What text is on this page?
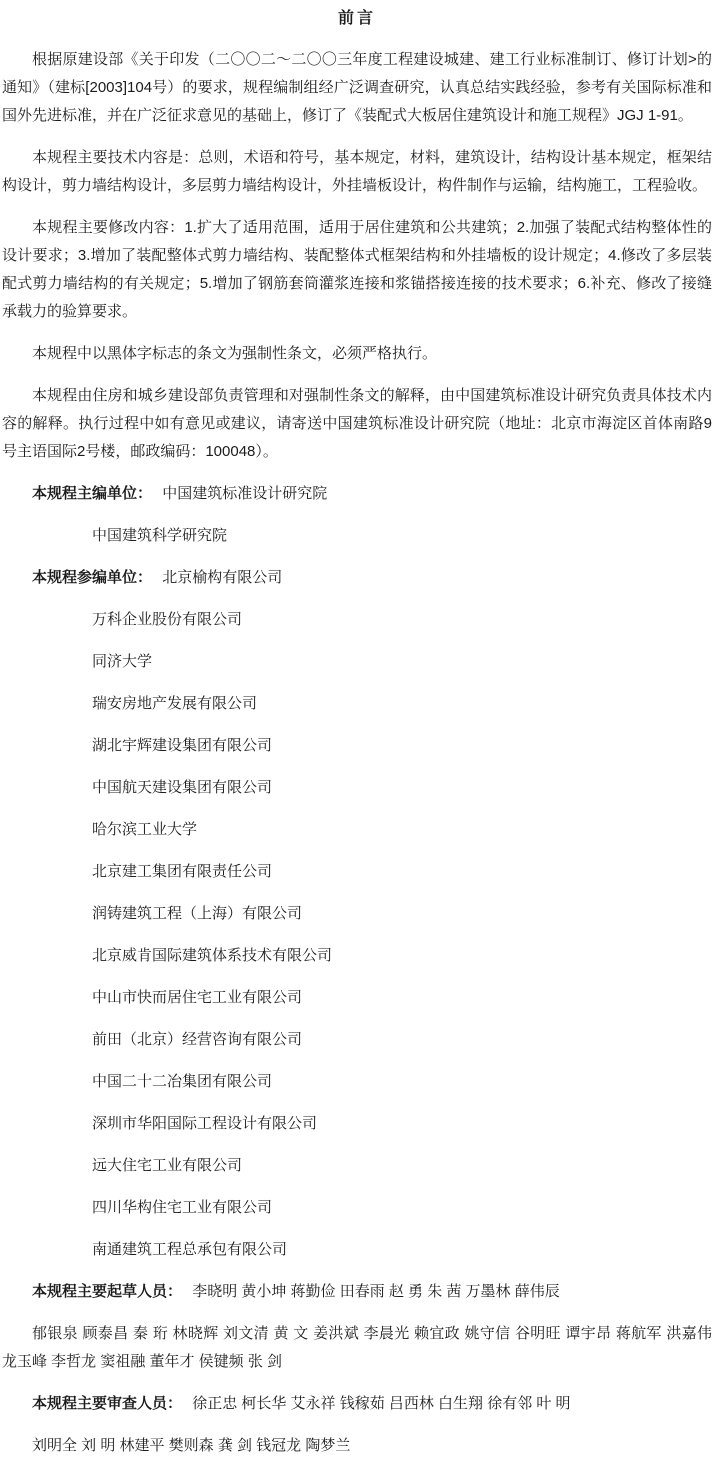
前言

根据原建设部《关于印发（二〇〇二～二〇〇三年度工程建设城建、建工行业标准制订、修订计划>的通知》（建标[2003]104号）的要求，规程编制组经广泛调查研究，认真总结实践经验，参考有关国际标准和国外先进标准，并在广泛征求意见的基础上，修订了《装配式大板居住建筑设计和施工规程》JGJ 1-91。

本规程主要技术内容是：总则，术语和符号，基本规定，材料，建筑设计，结构设计基本规定，框架结构设计，剪力墙结构设计，多层剪力墙结构设计，外挂墙板设计，构件制作与运输，结构施工，工程验收。

本规程主要修改内容：1.扩大了适用范围，适用于居住建筑和公共建筑；2.加强了装配式结构整体性的设计要求；3.增加了装配整体式剪力墙结构、装配整体式框架结构和外挂墙板的设计规定；4.修改了多层装配式剪力墙结构的有关规定；5.增加了钢筋套筒灌浆连接和浆锚搭接连接的技术要求；6.补充、修改了接缝承载力的验算要求。

本规程中以黑体字标志的条文为强制性条文，必须严格执行。

本规程由住房和城乡建设部负责管理和对强制性条文的解释，由中国建筑标准设计研究负责具体技术内容的解释。执行过程中如有意见或建议，请寄送中国建筑标准设计研究院（地址：北京市海淀区首体南路9号主语国际2号楼，邮政编码：100048）。

本规程主编单位： 中国建筑标准设计研究院

中国建筑科学研究院

本规程参编单位： 北京榆构有限公司

万科企业股份有限公司

同济大学

瑞安房地产发展有限公司

湖北宇辉建设集团有限公司

中国航天建设集团有限公司

哈尔滨工业大学

北京建工集团有限责任公司

润铸建筑工程（上海）有限公司

北京威肯国际建筑体系技术有限公司

中山市快而居住宅工业有限公司

前田（北京）经营咨询有限公司

中国二十二冶集团有限公司

深圳市华阳国际工程设计有限公司

远大住宅工业有限公司

四川华构住宅工业有限公司

南通建筑工程总承包有限公司

本规程主要起草人员： 李晓明 黄小坤 蒋勤俭 田春雨 赵 勇 朱 茜 万墨林 薛伟辰

郁银泉 顾泰昌 秦 珩 林晓辉 刘文清 黄 文 姜洪斌 李晨光 赖宜政 姚守信 谷明旺 谭宇昂 蒋航军 洪嘉伟 龙玉峰 李哲龙 窦祖融 董年才 侯键频 张 剑

本规程主要审查人员： 徐正忠 柯长华 艾永祥 钱稼茹 吕西林 白生翔 徐有邻 叶 明

刘明全 刘 明 林建平 樊则森 龚 剑 钱冠龙 陶梦兰
